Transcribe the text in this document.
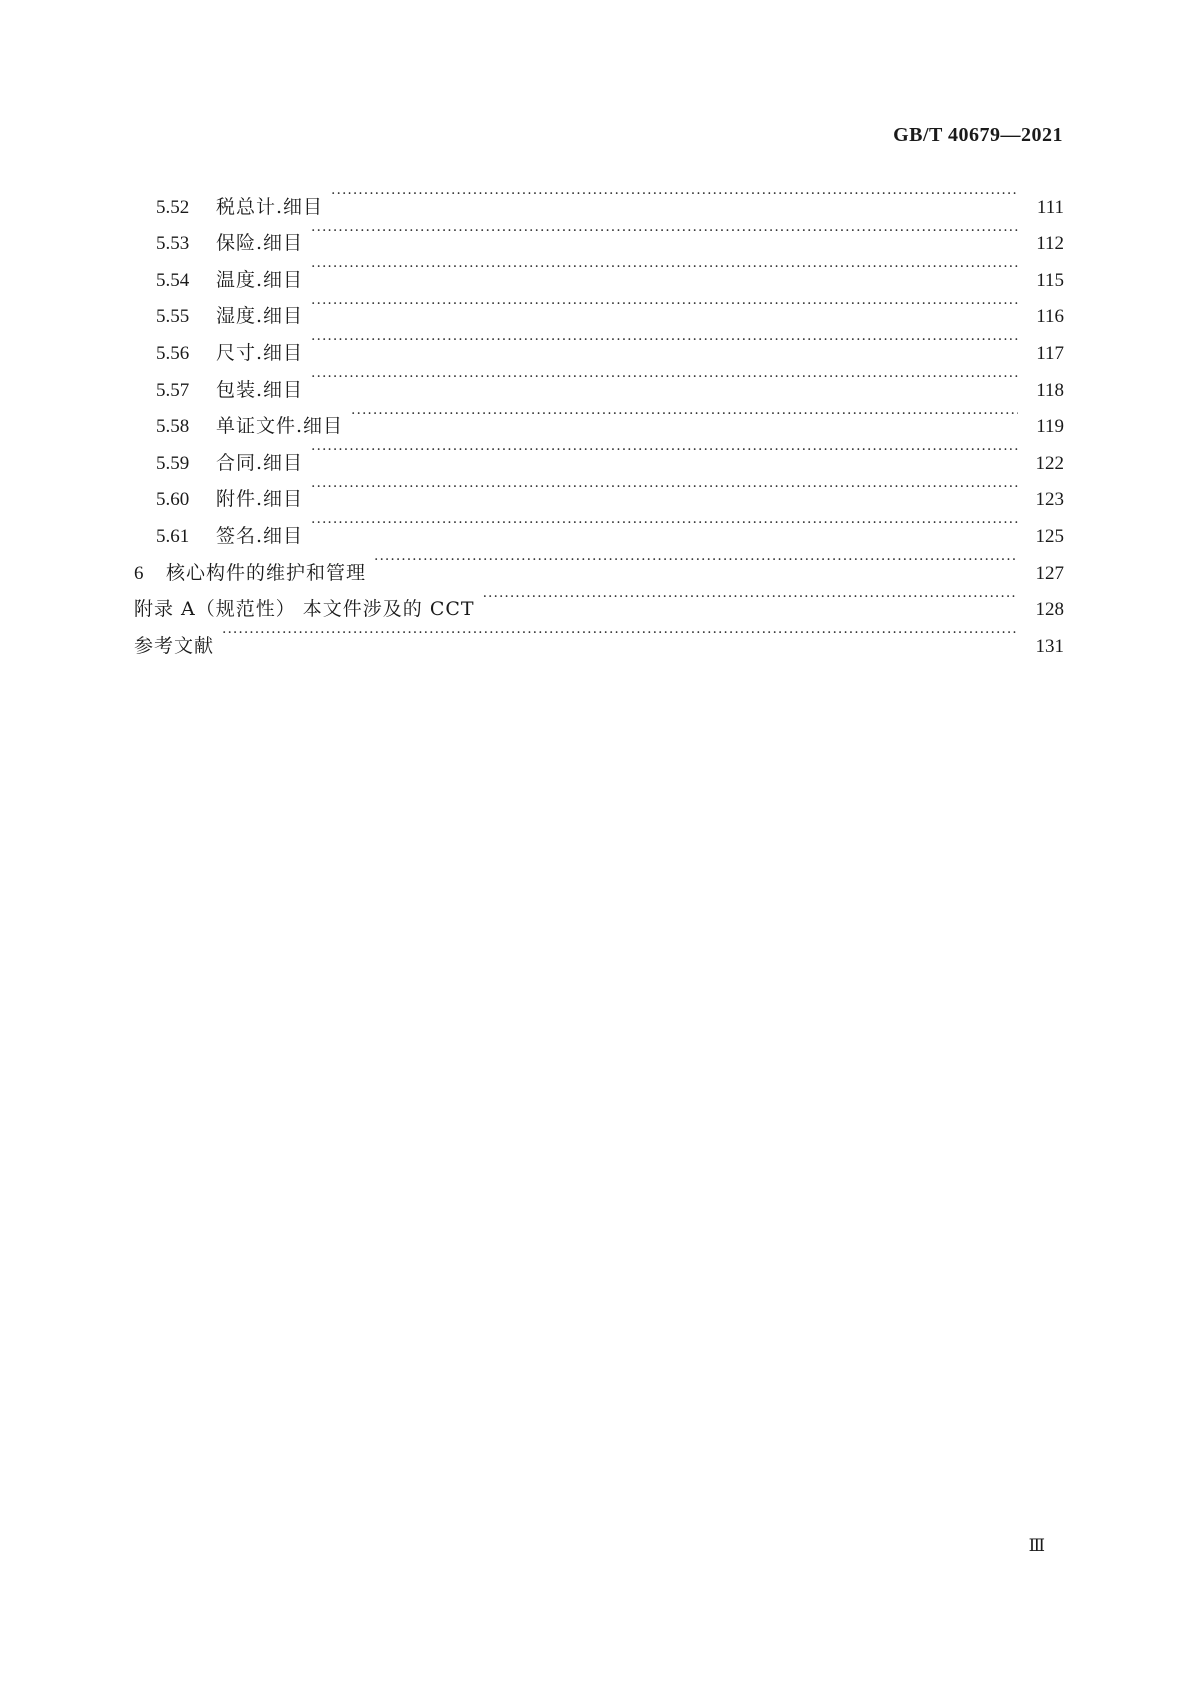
GB/T 40679—2021
5.52	税总计.细目 ·····	111
5.53	保险.细目 ·····	112
5.54	温度.细目 ·····	115
5.55	湿度.细目 ·····	116
5.56	尺寸.细目 ·····	117
5.57	包装.细目 ·····	118
5.58	单证文件.细目 ·····	119
5.59	合同.细目 ·····	122
5.60	附件.细目 ·····	123
5.61	签名.细目 ·····	125
6	核心构件的维护和管理 ·····	127
附录 A（规范性） 本文件涉及的 CCT ·····	128
参考文献 ·····	131
Ⅲ
